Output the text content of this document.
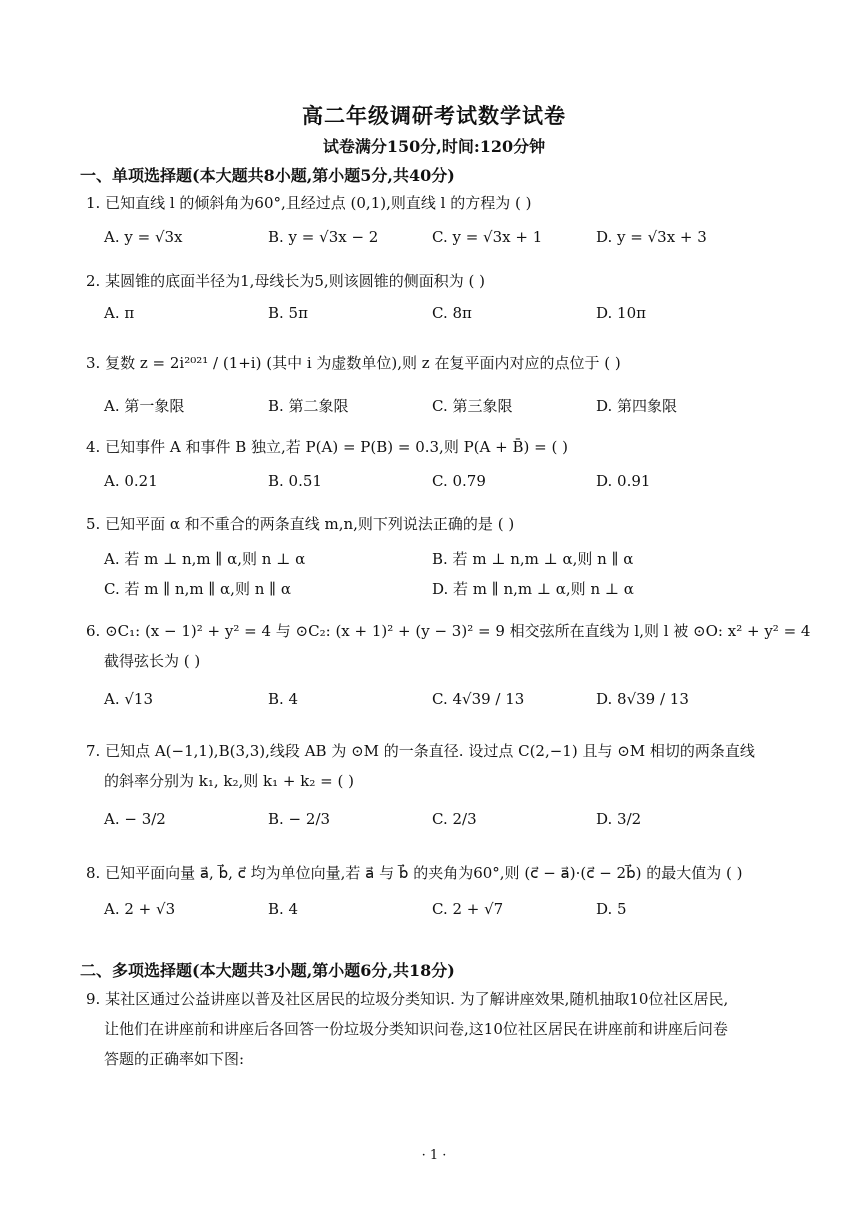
高二年级调研考试数学试卷
试卷满分150分,时间:120分钟
一、单项选择题(本大题共8小题,第小题5分,共40分)
1. 已知直线 l 的倾斜角为60°,且经过点 (0,1),则直线 l 的方程为 ( )
A. y = √3x	B. y = √3x − 2	C. y = √3x + 1	D. y = √3x + 3
2. 某圆锥的底面半径为1,母线长为5,则该圆锥的侧面积为 ( )
A. π	B. 5π	C. 8π	D. 10π
3. 复数 z = 2i²⁰²¹ / (1+i) (其中 i 为虚数单位),则 z 在复平面内对应的点位于 ( )
A. 第一象限	B. 第二象限	C. 第三象限	D. 第四象限
4. 已知事件 A 和事件 B 独立,若 P(A) = P(B) = 0.3,则 P(A + B̄) = ( )
A. 0.21	B. 0.51	C. 0.79	D. 0.91
5. 已知平面 α 和不重合的两条直线 m,n,则下列说法正确的是 ( )
A. 若 m ⊥ n,m ∥ α,则 n ⊥ α	B. 若 m ⊥ n,m ⊥ α,则 n ∥ α
C. 若 m ∥ n,m ∥ α,则 n ∥ α	D. 若 m ∥ n,m ⊥ α,则 n ⊥ α
6. ⊙C₁: (x − 1)² + y² = 4 与 ⊙C₂: (x + 1)² + (y − 3)² = 9 相交弦所在直线为 l,则 l 被 ⊙O: x² + y² = 4
截得弦长为 ( )
A. √13	B. 4	C. 4√39 / 13	D. 8√39 / 13
7. 已知点 A(−1,1),B(3,3),线段 AB 为 ⊙M 的一条直径. 设过点 C(2,−1) 且与 ⊙M 相切的两条直线
的斜率分别为 k₁, k₂,则 k₁ + k₂ = ( )
A. − 3/2	B. − 2/3	C. 2/3	D. 3/2
8. 已知平面向量 a⃗, b⃗, c⃗ 均为单位向量,若 a⃗ 与 b⃗ 的夹角为60°,则 (c⃗ − a⃗)·(c⃗ − 2b⃗) 的最大值为 ( )
A. 2 + √3	B. 4	C. 2 + √7	D. 5
二、多项选择题(本大题共3小题,第小题6分,共18分)
9. 某社区通过公益讲座以普及社区居民的垃圾分类知识. 为了解讲座效果,随机抽取10位社区居民,
让他们在讲座前和讲座后各回答一份垃圾分类知识问卷,这10位社区居民在讲座前和讲座后问卷
答题的正确率如下图:
· 1 ·
